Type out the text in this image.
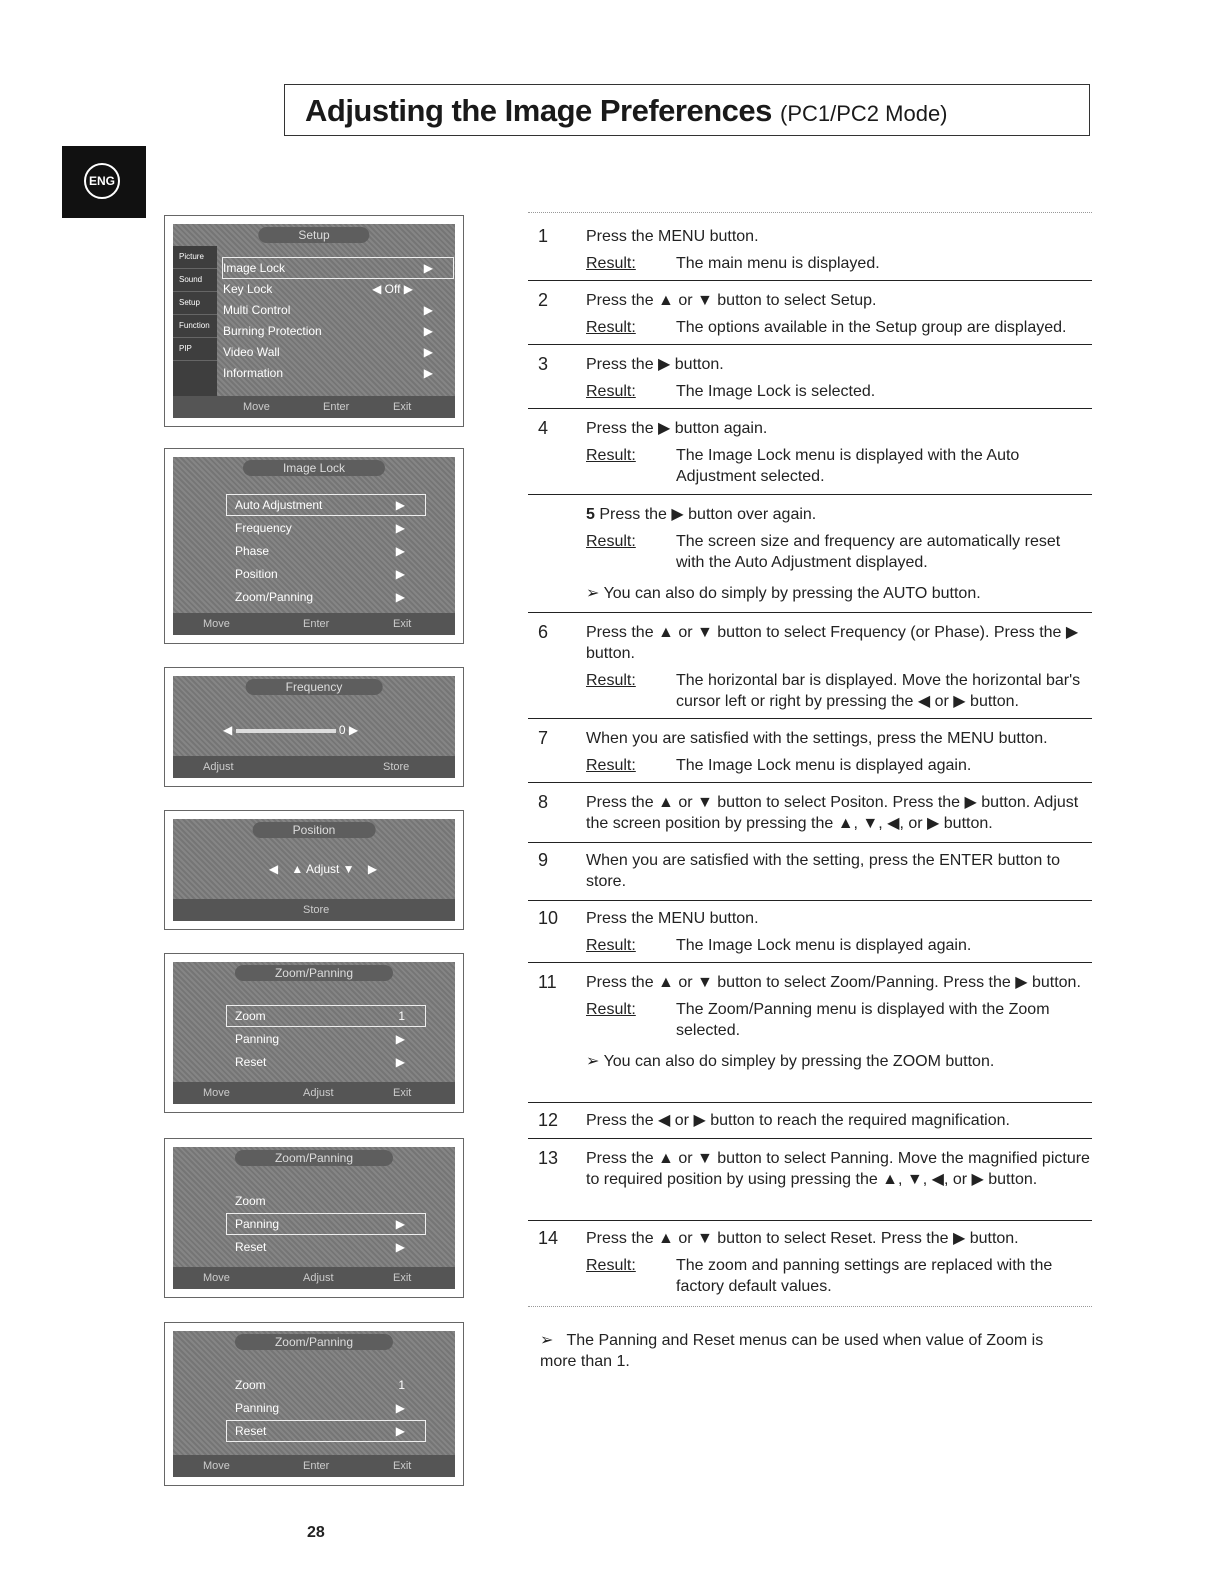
Adjusting the Image Preferences (PC1/PC2 Mode)
ENG
Setup
Picture
Sound
Setup
Function
PIP
Image Lock	▶
Key Lock	◀ Off ▶
Multi Control	▶
Burning Protection	▶
Video Wall	▶
Information	▶
Move	Enter	Exit
Image Lock
Auto Adjustment	▶
Frequency	▶
Phase	▶
Position	▶
Zoom/Panning	▶
Move	Enter	Exit
Frequency
◀	0 ▶
Adjust	Store
Position
◀    ▲ Adjust ▼    ▶
Store
Zoom/Panning
Zoom	1
Panning	▶
Reset	▶
Move	Adjust	Exit
Zoom/Panning
Zoom
Panning	▶
Reset	▶
Move	Adjust	Exit
Zoom/Panning
Zoom	1
Panning	▶
Reset	▶
Move	Enter	Exit
1 Press the MENU button.
Result:	The main menu is displayed.
2 Press the ▲ or ▼ button to select Setup.
Result:	The options available in the Setup group are displayed.
3 Press the ▶ button.
Result:	The Image Lock is selected.
4 Press the ▶ button again.
Result:	The Image Lock menu is displayed with the Auto Adjustment selected.
5 Press the ▶ button over again.
Result:	The screen size and frequency are automatically reset with the Auto Adjustment displayed.
➢ You can also do simply by pressing the AUTO button.
6 Press the ▲ or ▼ button to select Frequency (or Phase). Press the ▶ button.
Result:	The horizontal bar is displayed. Move the horizontal bar's cursor left or right by pressing the ◀ or ▶ button.
7 When you are satisfied with the settings, press the MENU button.
Result:	The Image Lock menu is displayed again.
8 Press the ▲ or ▼ button to select Positon. Press the ▶ button. Adjust the screen position by pressing the ▲, ▼, ◀, or ▶ button.
9 When you are satisfied with the setting, press the ENTER button to store.
10 Press the MENU button.
Result:	The Image Lock menu is displayed again.
11 Press the ▲ or ▼ button to select Zoom/Panning. Press the ▶ button.
Result:	The Zoom/Panning menu is displayed with the Zoom selected.
➢ You can also do simpley by pressing the ZOOM button.
12 Press the ◀ or ▶ button to reach the required magnification.
13 Press the ▲ or ▼ button to select Panning. Move the magnified picture to required position by using pressing the ▲, ▼, ◀, or ▶ button.
14 Press the ▲ or ▼ button to select Reset. Press the ▶ button.
Result:	The zoom and panning settings are replaced with the factory default values.
➢ The Panning and Reset menus can be used when value of Zoom is more than 1.
28
